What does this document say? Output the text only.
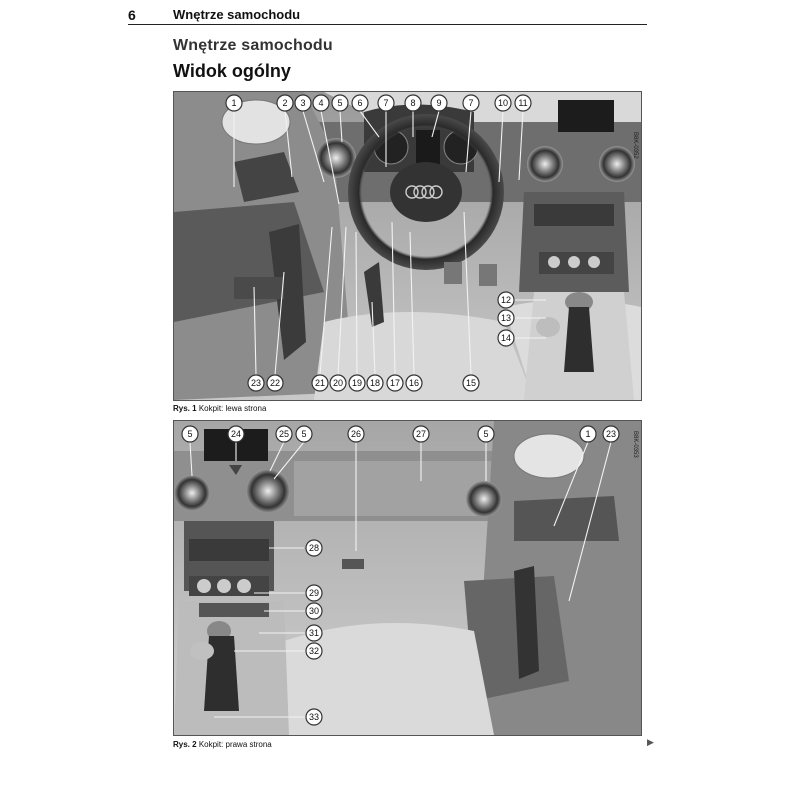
6	Wnętrze samochodu
Wnętrze samochodu
Widok ogólny
B8K-0352
1	2 3 4 5 6 7 8 9	7	10 11
12
13
14
15
16
17
18
19
20
21
22
23
Rys. 1 Kokpit: lewa strona
B8K-0353
5	24	25 5	26	27	5	1 23
28
29
30
31
32
33
Rys. 2 Kokpit: prawa strona	▶
